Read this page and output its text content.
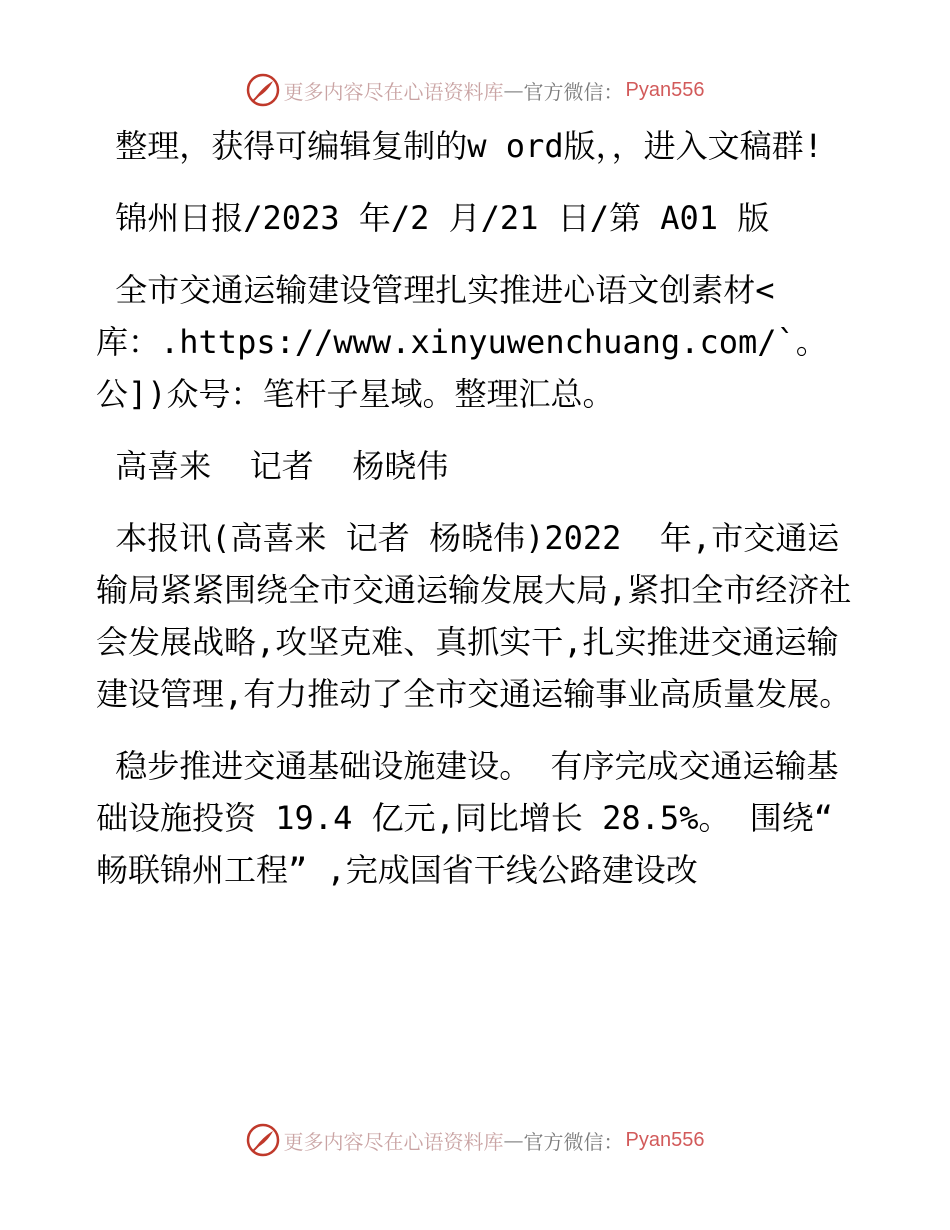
更多内容尽在心语资料库 — 官方微信： Pyan556

整理，获得可编辑复制的w ord版，，进入文稿群!

锦州日报/2023 年/2 月/21 日/第 A01 版

全市交通运输建设管理扎实推进心语文创素材<库：.https://www.xinyuwenchuang.com/`。公])众号：笔杆子星域。整理汇总。

高喜来  记者  杨晓伟

本报讯(高喜来 记者 杨晓伟)2022  年,市交通运输局紧紧围绕全市交通运输发展大局,紧扣全市经济社会发展战略,攻坚克难、真抓实干,扎实推进交通运输建设管理,有力推动了全市交通运输事业高质量发展。

稳步推进交通基础设施建设。 有序完成交通运输基础设施投资 19.4 亿元,同比增长 28.5%。 围绕“ 畅联锦州工程” ,完成国省干线公路建设改

更多内容尽在心语资料库 — 官方微信： Pyan556
